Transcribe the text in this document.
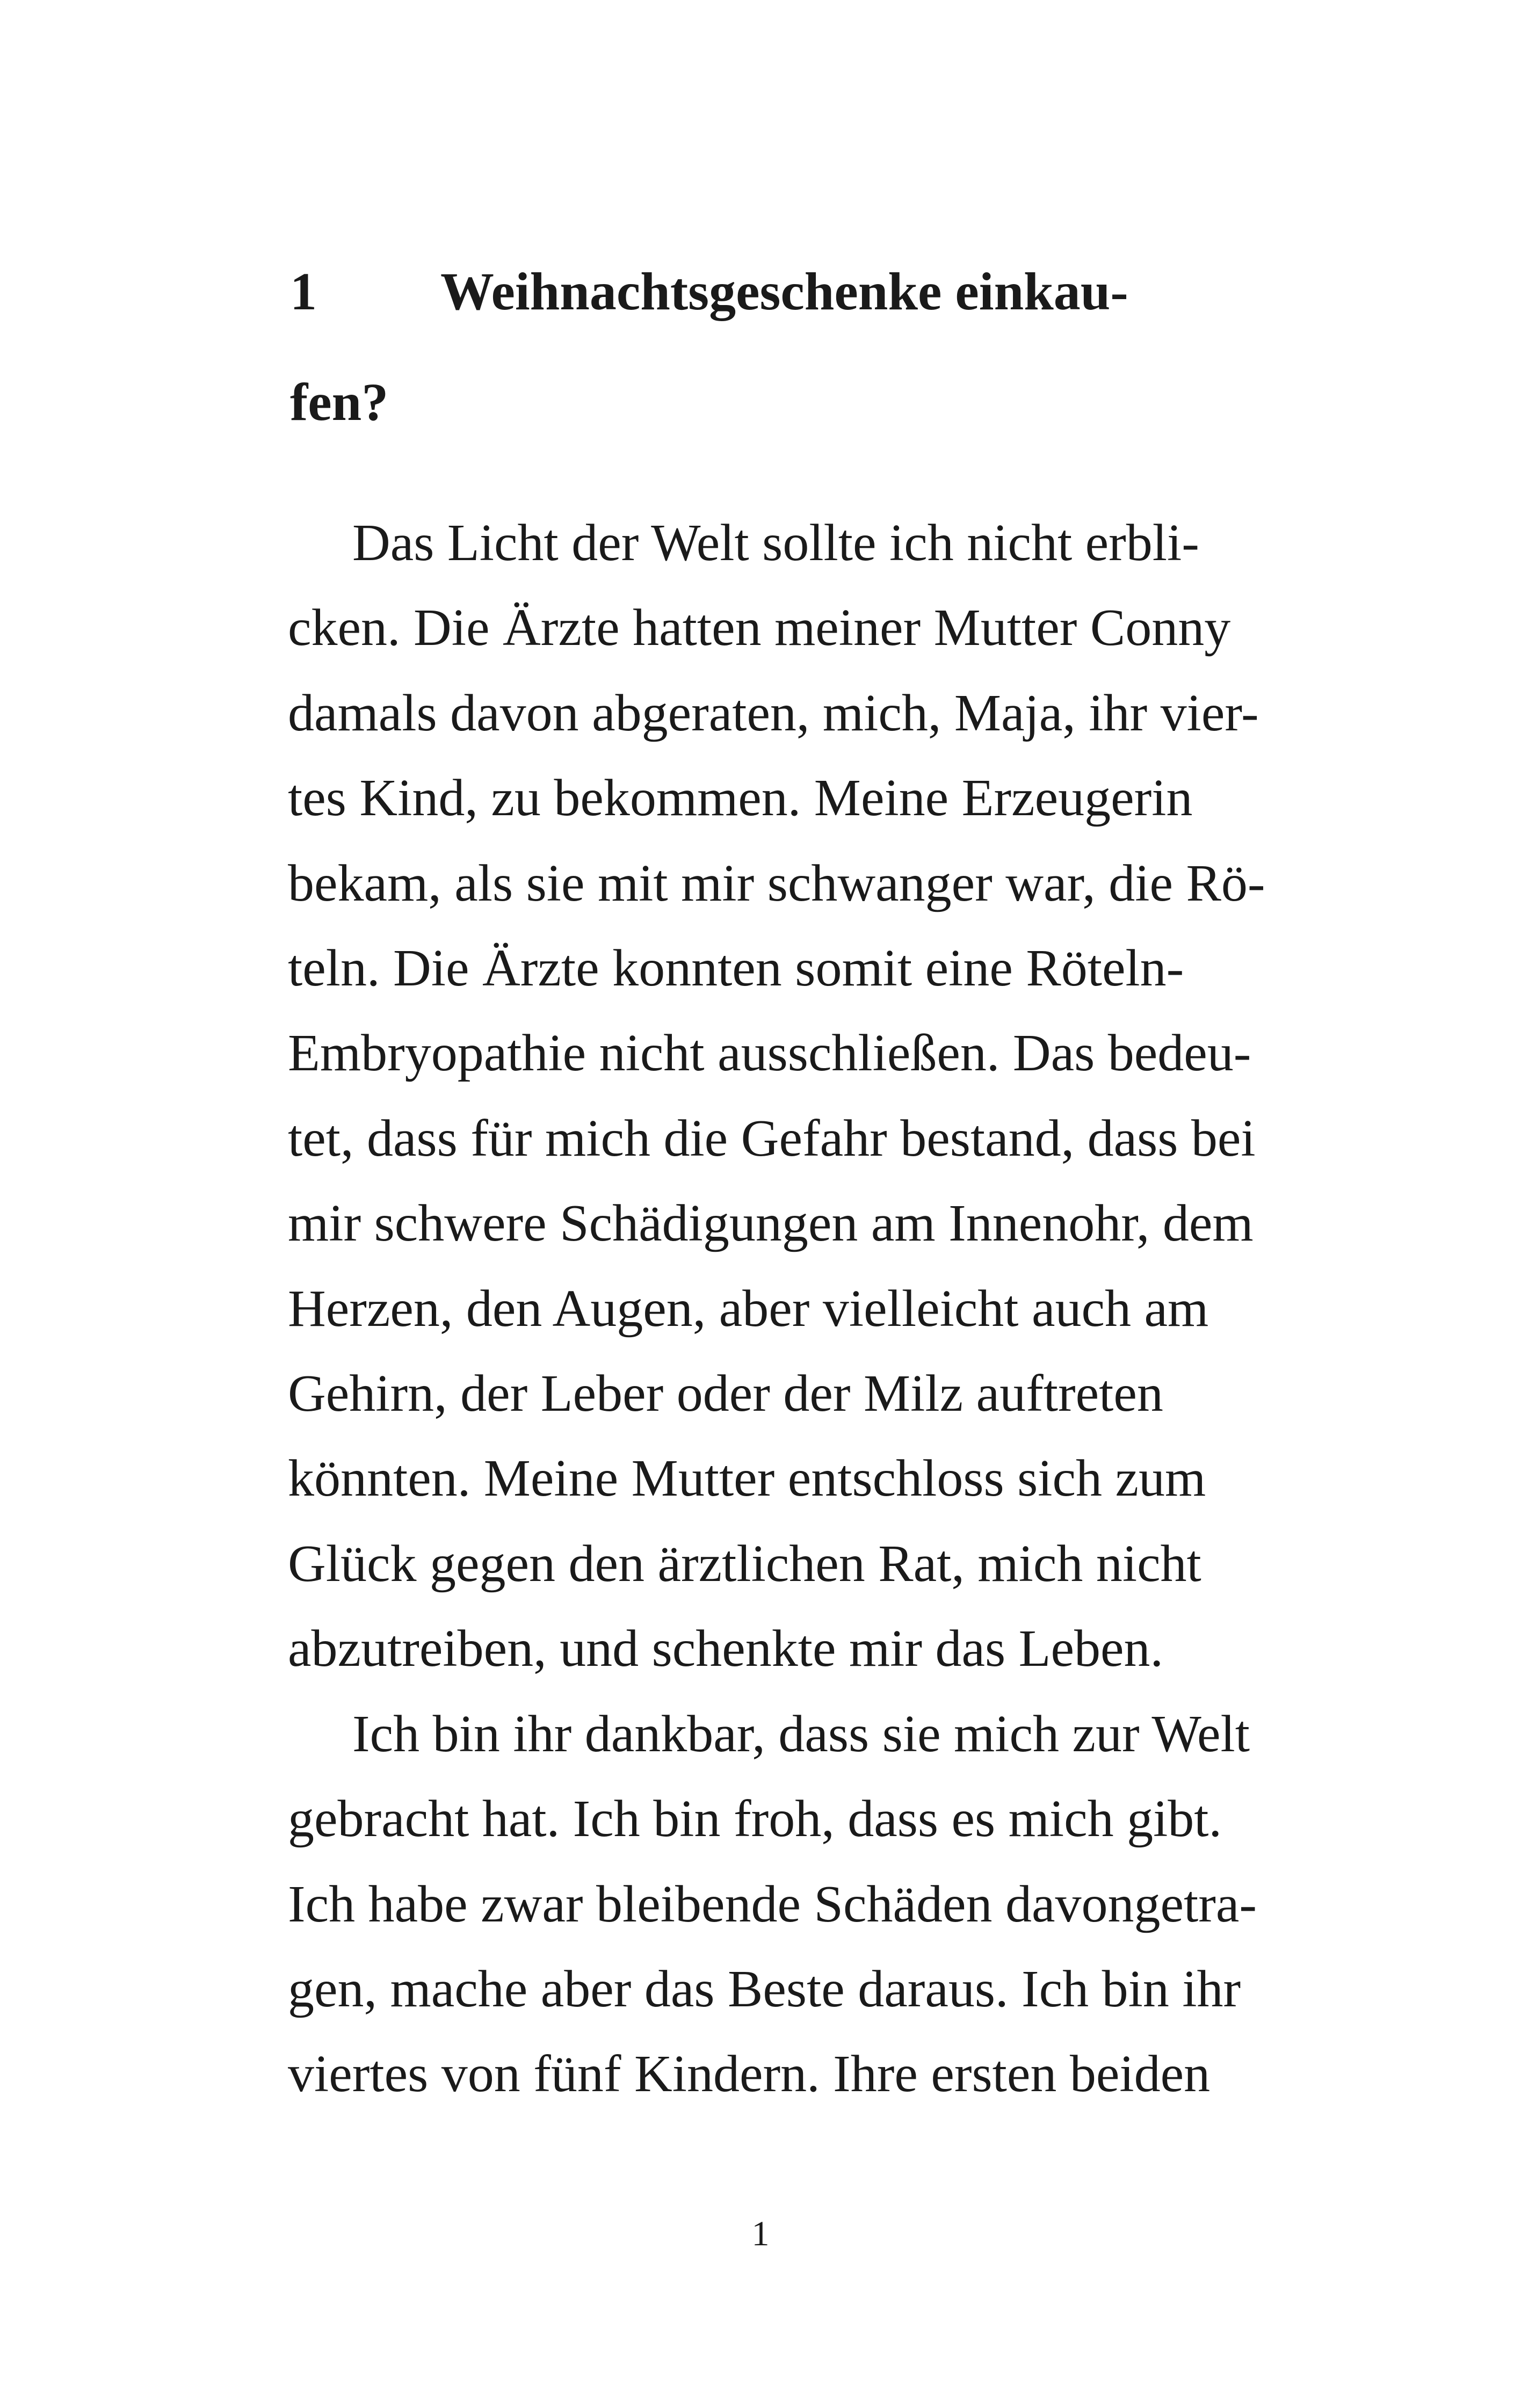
1 Weihnachtsgeschenke einkau-
fen?
Das Licht der Welt sollte ich nicht erbli-
cken. Die Ärzte hatten meiner Mutter Conny
damals davon abgeraten, mich, Maja, ihr vier-
tes Kind, zu bekommen. Meine Erzeugerin
bekam, als sie mit mir schwanger war, die Rö-
teln. Die Ärzte konnten somit eine Röteln-
Embryopathie nicht ausschließen. Das bedeu-
tet, dass für mich die Gefahr bestand, dass bei
mir schwere Schädigungen am Innenohr, dem
Herzen, den Augen, aber vielleicht auch am
Gehirn, der Leber oder der Milz auftreten
könnten. Meine Mutter entschloss sich zum
Glück gegen den ärztlichen Rat, mich nicht
abzutreiben, und schenkte mir das Leben.
Ich bin ihr dankbar, dass sie mich zur Welt
gebracht hat. Ich bin froh, dass es mich gibt.
Ich habe zwar bleibende Schäden davongetra-
gen, mache aber das Beste daraus. Ich bin ihr
viertes von fünf Kindern. Ihre ersten beiden
1
